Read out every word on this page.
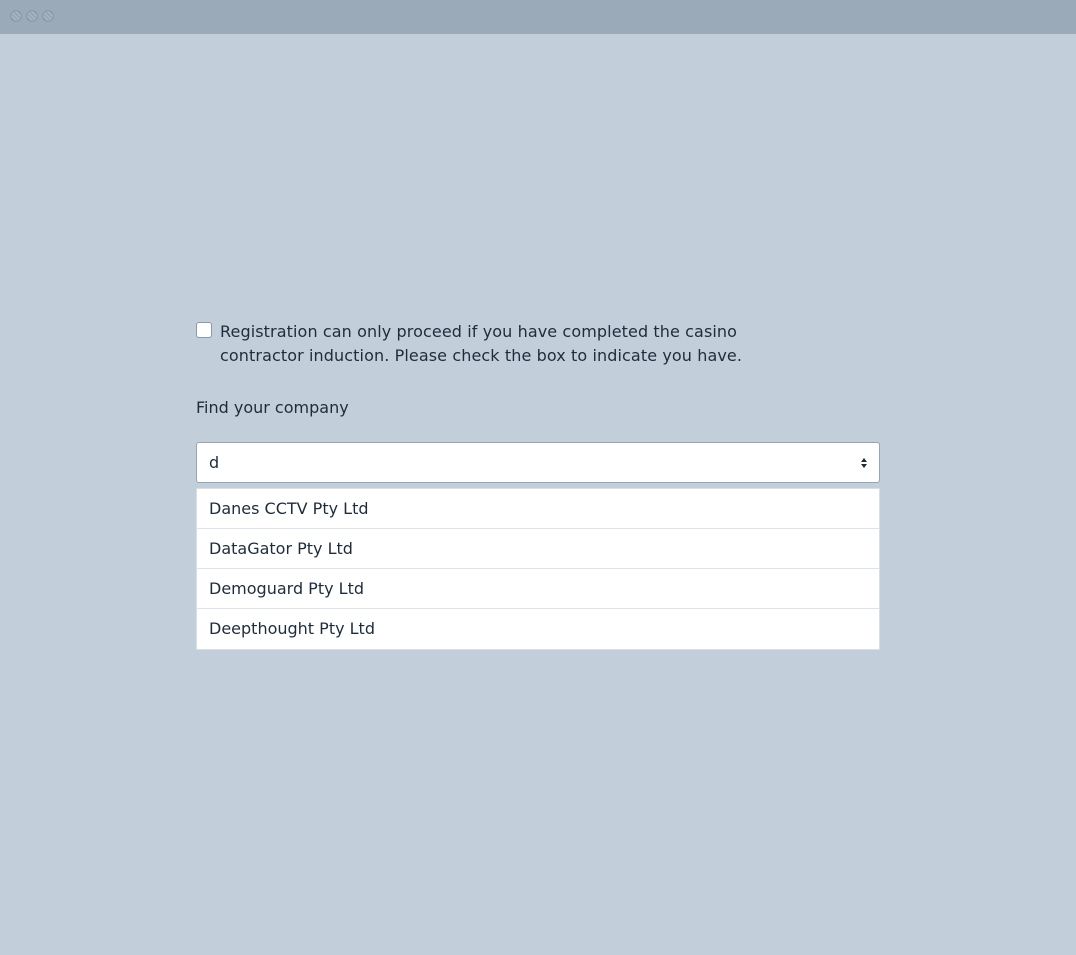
Registration can only proceed if you have completed the casino contractor induction. Please check the box to indicate you have.
Find your company
d
Danes CCTV Pty Ltd
DataGator Pty Ltd
Demoguard Pty Ltd
Deepthought Pty Ltd
